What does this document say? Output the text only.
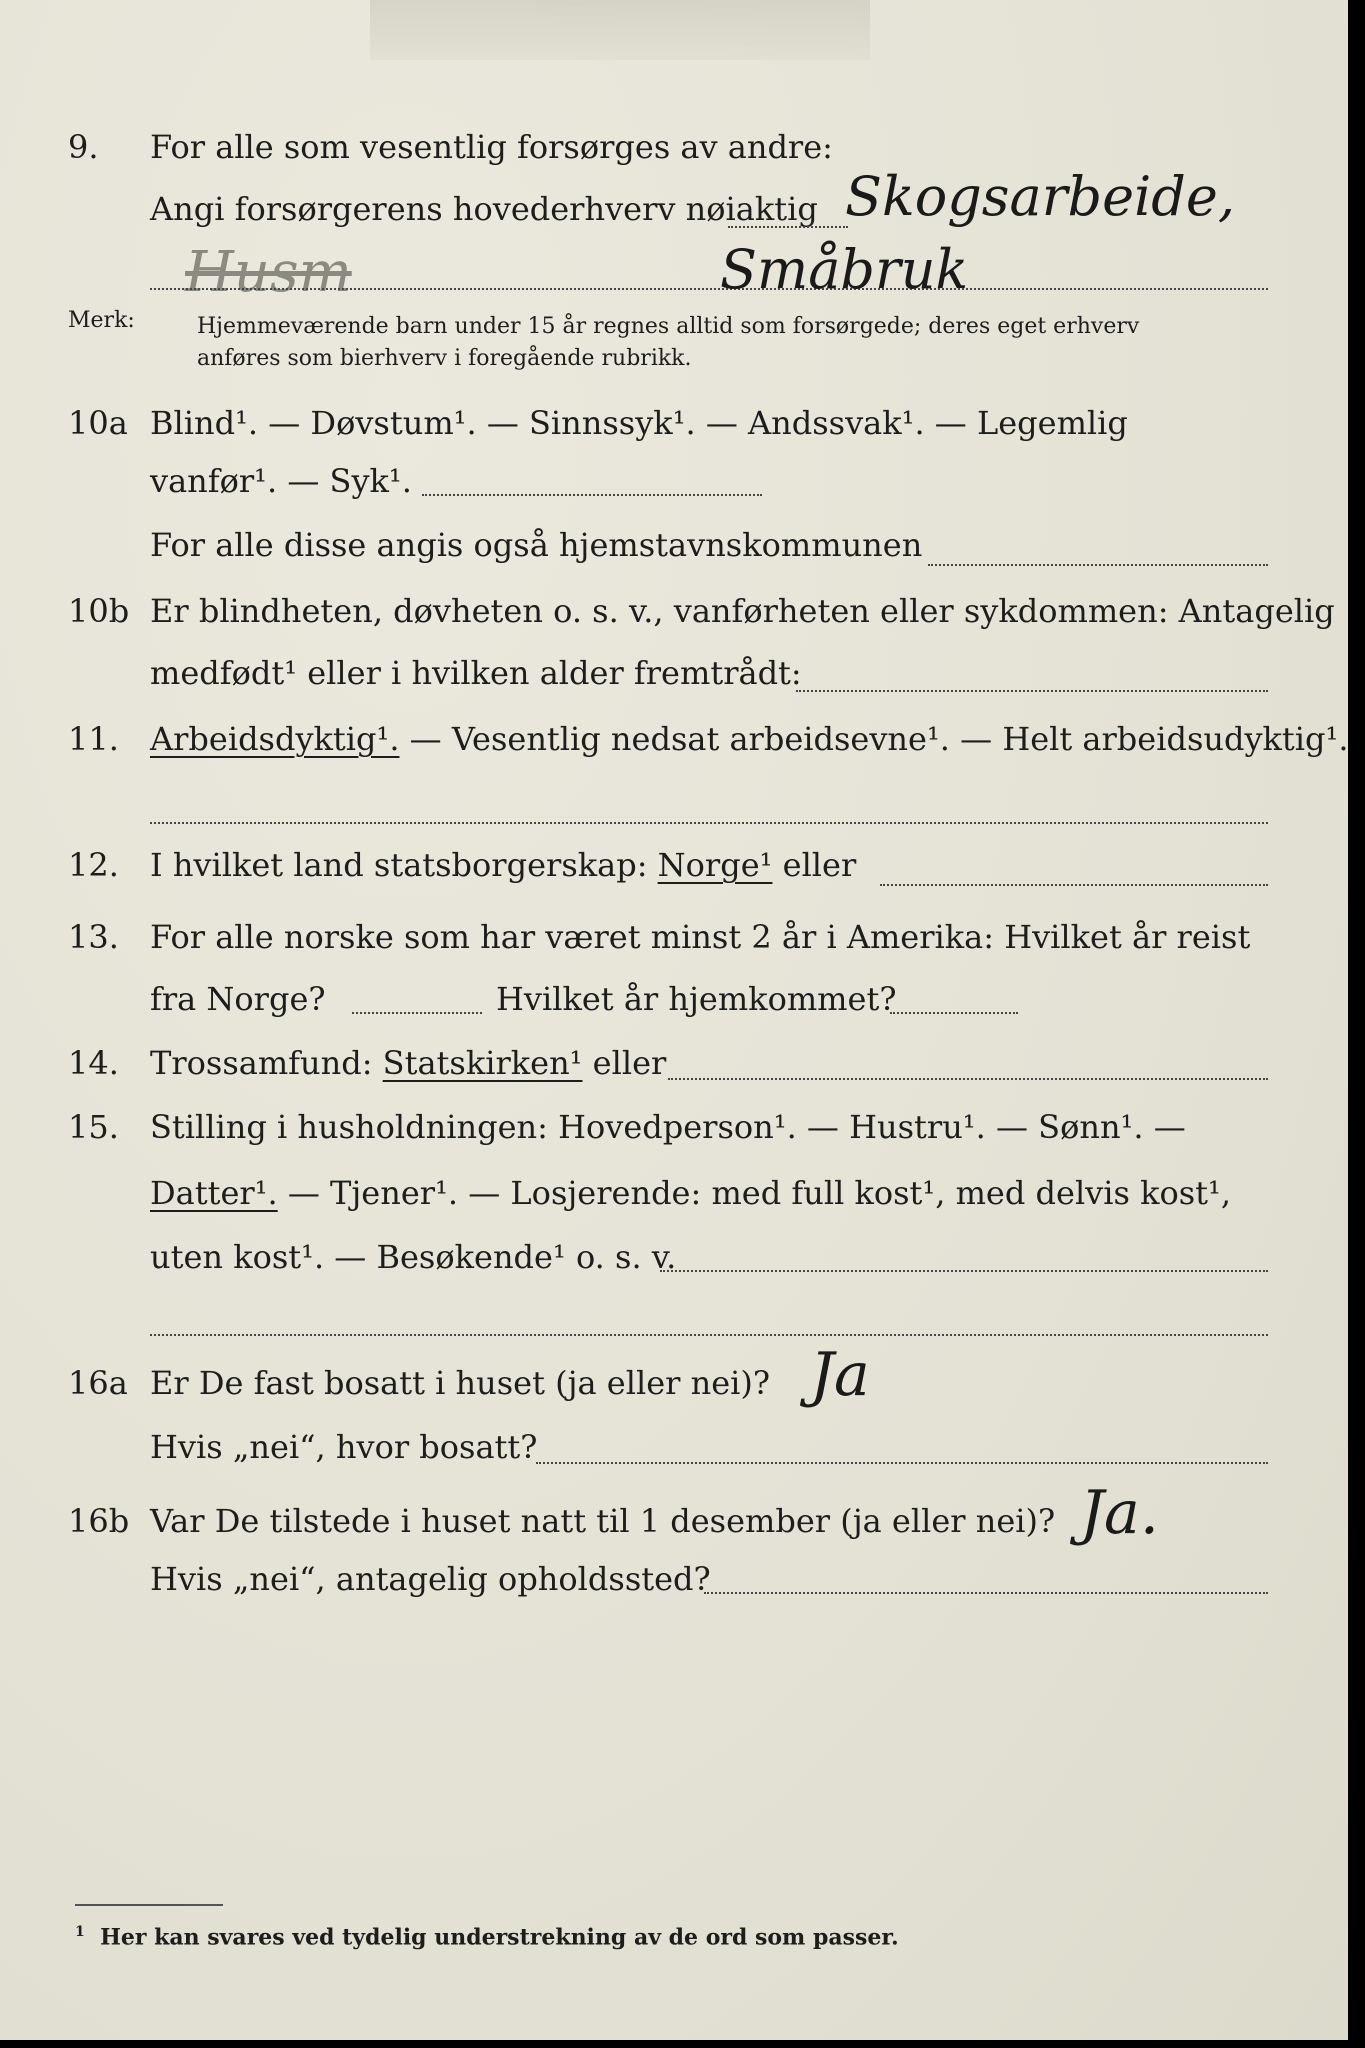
9. For alle som vesentlig forsørges av andre:
Angi forsørgerens hovederhverv nøiaktig Skogsarbeide,
Husm	Småbruk
Merk:	Hjemmeværende barn under 15 år regnes alltid som forsørgede; deres eget erhverv
anføres som bierhverv i foregående rubrikk.
10a Blind¹. — Døvstum¹. — Sinnssyk¹. — Andssvak¹. — Legemlig
vanfør¹. — Syk¹.
For alle disse angis også hjemstavnskommunen
10b Er blindheten, døvheten o. s. v., vanførheten eller sykdommen: Antagelig
medfødt¹ eller i hvilken alder fremtrådt:
11. Arbeidsdyktig¹. — Vesentlig nedsat arbeidsevne¹. — Helt arbeidsudyktig¹.
12. I hvilket land statsborgerskap: Norge¹ eller
13. For alle norske som har været minst 2 år i Amerika: Hvilket år reist
fra Norge?	Hvilket år hjemkommet?
14. Trossamfund: Statskirken¹ eller
15. Stilling i husholdningen: Hovedperson¹. — Hustru¹. — Sønn¹. —
Datter¹. — Tjener¹. — Losjerende: med full kost¹, med delvis kost¹,
uten kost¹. — Besøkende¹ o. s. v.
16a Er De fast bosatt i huset (ja eller nei)? Ja
Hvis „nei“, hvor bosatt?
16b Var De tilstede i huset natt til 1 desember (ja eller nei)? Ja.
Hvis „nei“, antagelig opholdssted?
$^1$ Her kan svares ved tydelig understrekning av de ord som passer.
